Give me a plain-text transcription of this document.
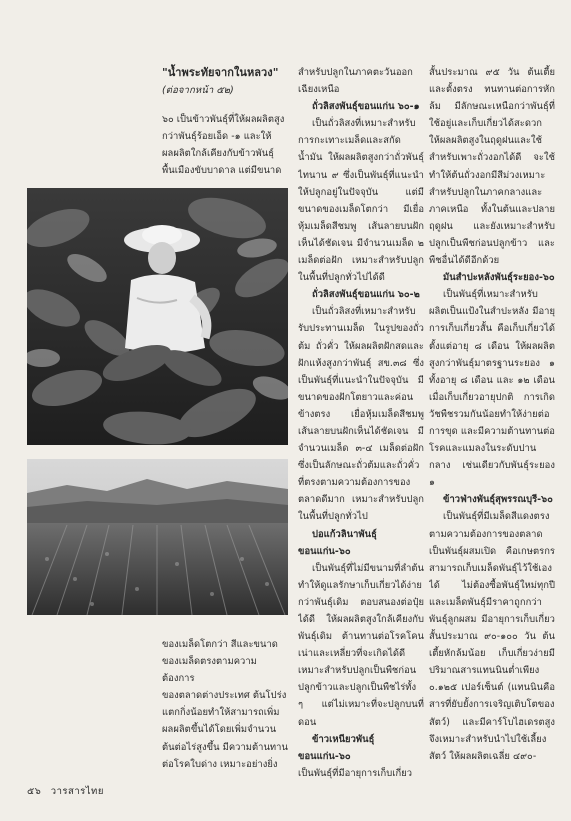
"น้ำพระทัยจากในหลวง"
(ต่อจากหน้า ๕๒)

๖๐ เป็นข้าวพันธุ์ที่ให้ผลผลิตสูง

กว่าพันธุ์ร้อยเอ็ด -๑ และให้

ผลผลิตใกล้เคียงกับข้าวพันธุ์

พื้นเมืองขับบาดาล แต่มีขนาด

ของเมล็ดโตกว่า สีและขนาด

ของเมล็ดตรงตามความต้องการ

ของตลาดต่างประเทศ ต้นโปร่ง

แตกกิ่งน้อยทำให้สามารถเพิ่ม

ผลผลิตขึ้นได้โดยเพิ่มจำนวน

ต้นต่อไร่สูงขึ้น มีความต้านทาน

ต่อโรคใบด่าง เหมาะอย่างยิ่ง

สำหรับปลูกในภาคตะวันออกเฉียงเหนือ

ถั่วลิสงพันธุ์ขอนแก่น ๖๐-๑

เป็นถั่วลิสงที่เหมาะสำหรับการกะเทาะเมล็ดและสกัดน้ำมัน ให้ผลผลิตสูงกว่าถั่วพันธุ์ไทนาน ๙ ซึ่งเป็นพันธุ์ที่แนะนำให้ปลูกอยู่ในปัจจุบัน แต่มีขนาดของเมล็ดโตกว่า มีเยื่อหุ้มเมล็ดสีชมพู เส้นลายบนฝักเห็นได้ชัดเจน มีจำนวนเมล็ด ๒ เมล็ดต่อฝัก เหมาะสำหรับปลูกในพื้นที่ปลูกทั่วไปได้ดี

ถั่วลิสงพันธุ์ขอนแก่น ๖๐-๒

เป็นถั่วลิสงที่เหมาะสำหรับรับประทานเมล็ด ในรูปของถั่วต้ม ถั่วคั่ว ให้ผลผลิตฝักสดและฝักแห้งสูงกว่าพันธุ์ สข.๓๘ ซึ่งเป็นพันธุ์ที่แนะนำในปัจจุบัน มีขนาดของฝักโตยาวและค่อนข้างตรง เยื่อหุ้มเมล็ดสีชมพู เส้นลายบนฝักเห็นได้ชัดเจน มีจำนวนเมล็ด ๓-๔ เมล็ดต่อฝัก ซึ่งเป็นลักษณะถั่วต้มและถั่วคั่วที่ตรงตามความต้องการของตลาดดีมาก เหมาะสำหรับปลูกในพื้นที่ปลูกทั่วไป

ปอแก้วลินาพันธุ์ขอนแก่น-๖๐

เป็นพันธุ์ที่ไม่มีขนามที่ลำต้น ทำให้ดูแลรักษาเก็บเกี่ยวได้ง่ายกว่าพันธุ์เดิม ตอบสนองต่อปุ๋ยได้ดี ให้ผลผลิตสูงใกล้เคียงกับพันธุ์เดิม ต้านทานต่อโรคโคนเน่าและเหลี่ยวที่จะเกิดได้ดี เหมาะสำหรับปลูกเป็นพืชก่อนปลูกข้าวและปลูกเป็นพืชไร่ทั้ง ๆ แต่ไม่เหมาะที่จะปลูกบนที่ดอน

ข้าวเหนียวพันธุ์ขอนแก่น-๖๐

เป็นพันธุ์ที่มีอายุการเก็บเกี่ยว

สั้นประมาณ ๙๕ วัน ต้นเตี้ยและตั้งตรง ทนทานต่อการหักล้ม มีลักษณะเหนือกว่าพันธุ์ที่ใช้อยู่และเก็บเกี่ยวได้สะดวก ให้ผลผลิตสูงในฤดูฝนและใช้สำหรับเพาะถั่วงอกได้ดี จะใช้ทำให้ต้นถั่วงอกมีสีม่วงเหมาะสำหรับปลูกในภาคกลางและภาคเหนือ ทั้งในต้นและปลายฤดูฝน และยังเหมาะสำหรับปลูกเป็นพืชก่อนปลูกข้าว และพืชอื่นได้ดีอีกด้วย

มันสำปะหลังพันธุ์ระยอง-๖๐

เป็นพันธุ์ที่เหมาะสำหรับผลิตเป็นแป้งในสำปะหลัง มีอายุการเก็บเกี่ยวสั้น คือเก็บเกี่ยวได้ตั้งแต่อายุ ๘ เดือน ให้ผลผลิตสูงกว่าพันธุ์มาตรฐานระยอง ๑ ทั้งอายุ ๘ เดือน และ ๑๒ เดือน เมื่อเก็บเกี่ยวอายุปกติ การเกิดวัชพืชรวมกันน้อยทำให้ง่ายต่อการขุด และมีความต้านทานต่อโรคและแมลงในระดับปานกลาง เช่นเดียวกับพันธุ์ระยอง ๑

ข้าวฟ่างพันธุ์สุพรรณบุรี-๖๐

เป็นพันธุ์ที่มีเมล็ดสีแดงตรงตามความต้องการของตลาด เป็นพันธุ์ผสมเปิด คือเกษตรกรสามารถเก็บเมล็ดพันธุ์ไว้ใช้เองได้ ไม่ต้องซื้อพันธุ์ใหม่ทุกปี และเมล็ดพันธุ์มีราคาถูกกว่าพันธุ์ลูกผสม มีอายุการเก็บเกี่ยวสั้นประมาณ ๙๐-๑๐๐ วัน ต้นเตี้ยหักล้มน้อย เก็บเกี่ยวง่ายมีปริมาณสารแทนนินต่ำเพียง ๐.๑๒๕ เปอร์เซ็นต์ (แทนนินคือสารที่ยับยั้งการเจริญเติบโตของสัตว์) และมีคาร์โบไฮเดรตสูง จึงเหมาะสำหรับนำไปใช้เลี้ยงสัตว์ ให้ผลผลิตเฉลี่ย ๔๙๐-

๕๖ วารสารไทย
